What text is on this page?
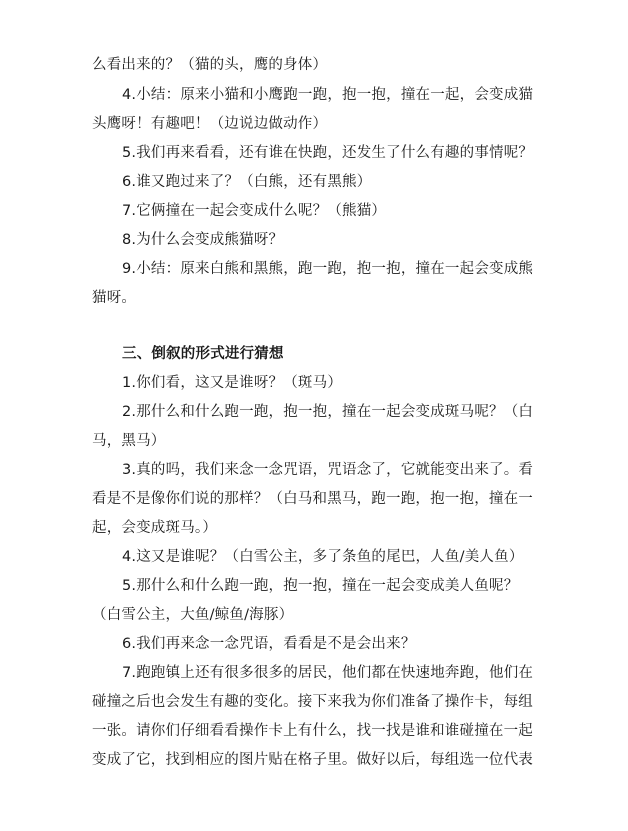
么看出来的？（猫的头，鹰的身体）
4.小结：原来小猫和小鹰跑一跑，抱一抱，撞在一起，会变成猫
头鹰呀！有趣吧！（边说边做动作）
5.我们再来看看，还有谁在快跑，还发生了什么有趣的事情呢？
6.谁又跑过来了？（白熊，还有黑熊）
7.它俩撞在一起会变成什么呢？（熊猫）
8.为什么会变成熊猫呀？
9.小结：原来白熊和黑熊，跑一跑，抱一抱，撞在一起会变成熊
猫呀。
三、倒叙的形式进行猜想
1.你们看，这又是谁呀？（斑马）
2.那什么和什么跑一跑，抱一抱，撞在一起会变成斑马呢？（白
马，黑马）
3.真的吗，我们来念一念咒语，咒语念了，它就能变出来了。看
看是不是像你们说的那样？（白马和黑马，跑一跑，抱一抱，撞在一
起，会变成斑马。）
4.这又是谁呢？（白雪公主，多了条鱼的尾巴，人鱼/美人鱼）
5.那什么和什么跑一跑，抱一抱，撞在一起会变成美人鱼呢？
（白雪公主，大鱼/鲸鱼/海豚）
6.我们再来念一念咒语，看看是不是会出来？
7.跑跑镇上还有很多很多的居民，他们都在快速地奔跑，他们在
碰撞之后也会发生有趣的变化。接下来我为你们准备了操作卡，每组
一张。请你们仔细看看操作卡上有什么，找一找是谁和谁碰撞在一起
变成了它，找到相应的图片贴在格子里。做好以后，每组选一位代表
